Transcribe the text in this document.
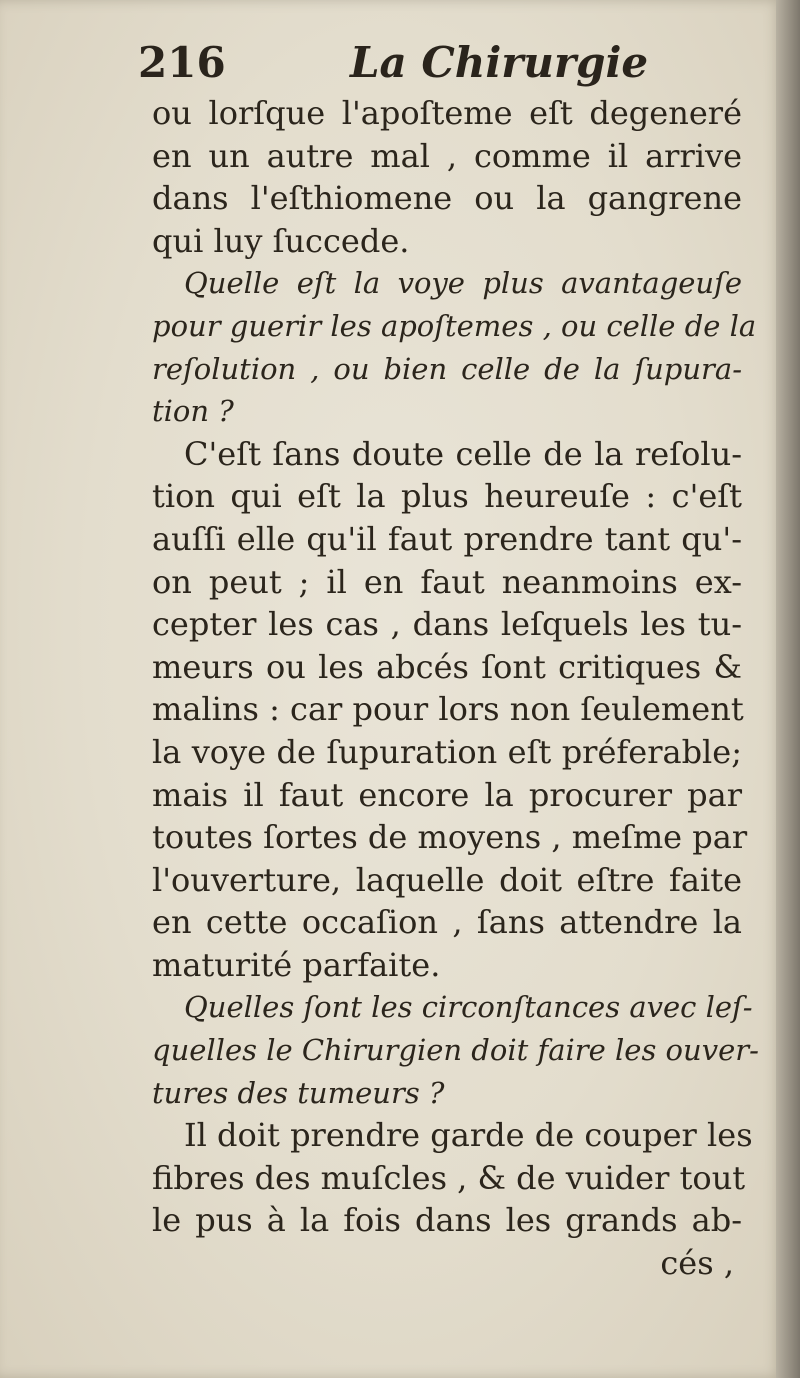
216	La Chirurgie
ou lorſque l'apoſteme eſt degeneré
en un autre mal , comme il arrive
dans l'eſthiomene ou la gangrene
qui luy ſuccede.
Quelle eſt la voye plus avantageuſe
pour guerir les apoſtemes , ou celle de la
reſolution , ou bien celle de la ſupura-
tion ?
C'eſt ſans doute celle de la reſolu-
tion qui eſt la plus heureuſe : c'eſt
auſſi elle qu'il faut prendre tant qu'-
on peut ; il en faut neanmoins ex-
cepter les cas , dans leſquels les tu-
meurs ou les abcés ſont critiques &
malins : car pour lors non ſeulement
la voye de ſupuration eſt préferable;
mais il faut encore la procurer par
toutes ſortes de moyens , meſme par
l'ouverture, laquelle doit eſtre faite
en cette occaſion , ſans attendre la
maturité parfaite.
Quelles ſont les circonſtances avec leſ-
quelles le Chirurgien doit faire les ouver-
tures des tumeurs ?
Il doit prendre garde de couper les
fibres des muſcles , & de vuider tout
le pus à la fois dans les grands ab-
cés ,
